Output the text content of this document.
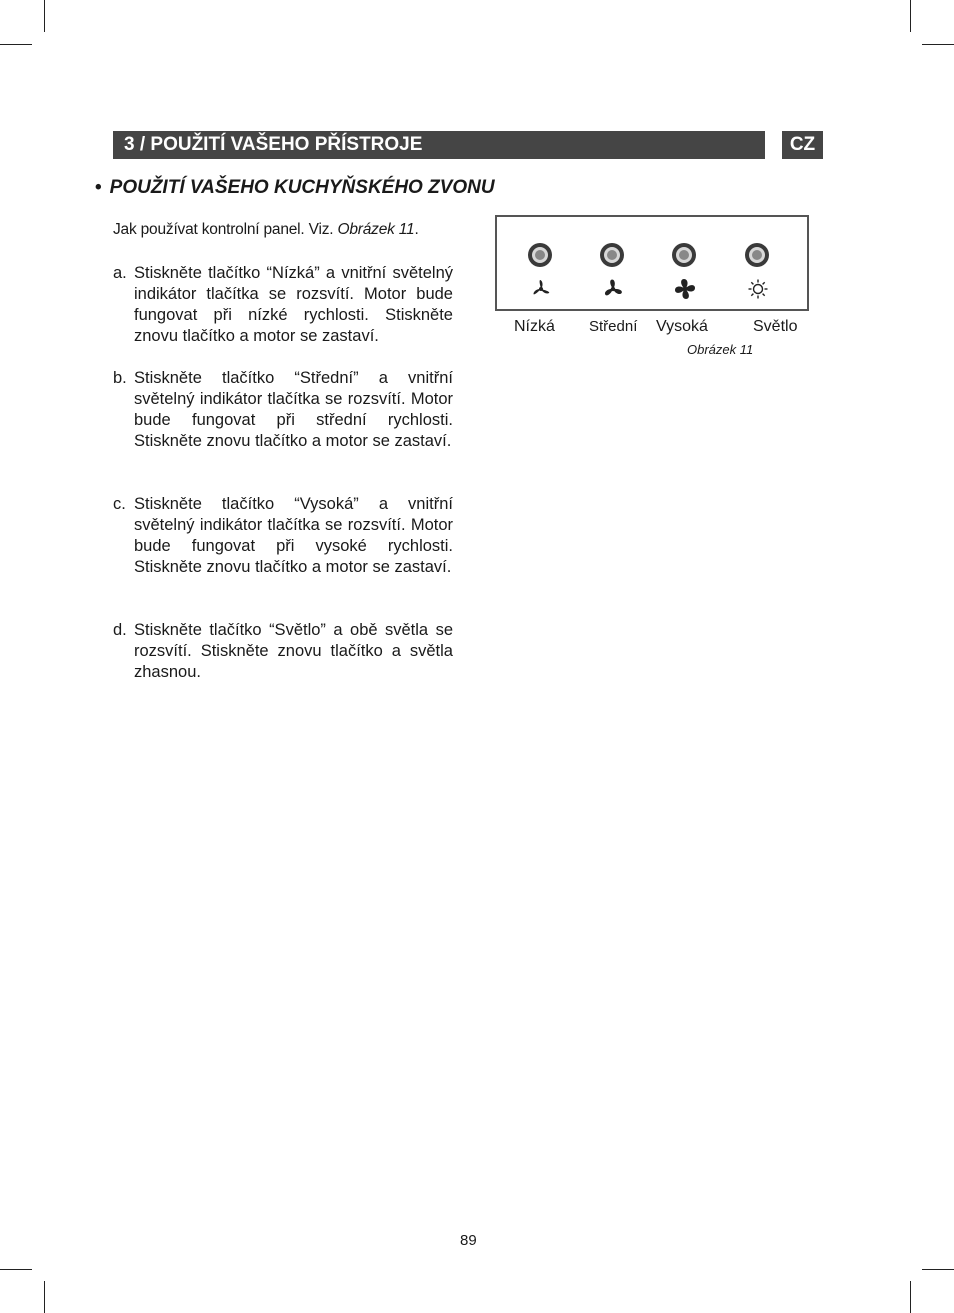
3 / POUŽITÍ VAŠEHO PŘÍSTROJE	CZ
• POUŽITÍ VAŠEHO KUCHYŇSKÉHO ZVONU
Jak používat kontrolní panel. Viz. Obrázek 11.
a. Stiskněte tlačítko “Nízká” a vnitřní světelný indikátor tlačítka se rozsvítí. Motor bude fungovat při nízké rychlosti. Stiskněte znovu tlačítko a motor se zastaví.
b. Stiskněte tlačítko “Střední” a vnitřní světelný indikátor tlačítka se rozsvítí. Motor bude fungovat při střední rychlosti. Stiskněte znovu tlačítko a motor se zastaví.
c. Stiskněte tlačítko “Vysoká” a vnitřní světelný indikátor tlačítka se rozsvítí. Motor bude fungovat při vysoké rychlosti. Stiskněte znovu tlačítko a motor se zastaví.
d. Stiskněte tlačítko “Světlo” a obě světla se rozsvítí. Stiskněte znovu tlačítko a světla zhasnou.
Nízká Střední Vysoká	Světlo
Obrázek 11
89
